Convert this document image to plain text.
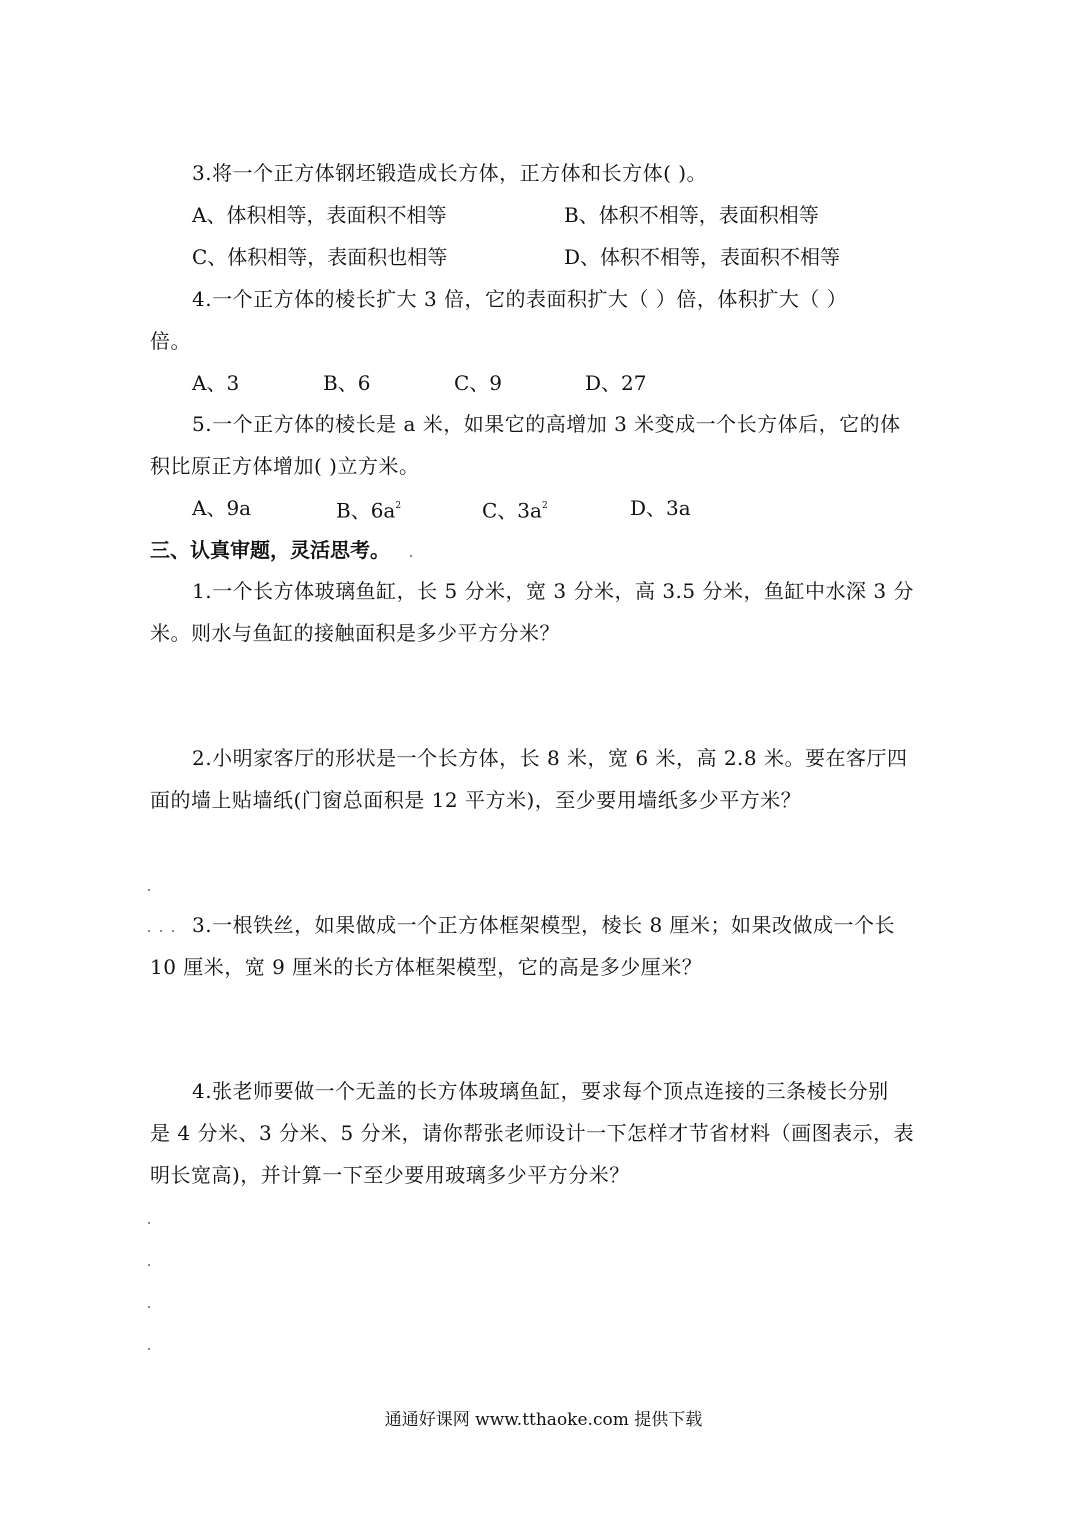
3.将一个正方体钢坯锻造成长方体，正方体和长方体( )。
A、体积相等，表面积不相等	B、体积不相等，表面积相等
C、体积相等，表面积也相等	D、体积不相等，表面积不相等
4.一个正方体的棱长扩大 3 倍，它的表面积扩大（ ）倍，体积扩大（ ）
倍。
A、3	B、6	C、9	D、27
5.一个正方体的棱长是 a 米，如果它的高增加 3 米变成一个长方体后，它的体
积比原正方体增加( )立方米。
A、9a	B、$6a^2$	C、$3a^2$	D、3a
三、认真审题，灵活思考。
1.一个长方体玻璃鱼缸，长 5 分米，宽 3 分米，高 3.5 分米，鱼缸中水深 3 分
米。则水与鱼缸的接触面积是多少平方分米？
2.小明家客厅的形状是一个长方体，长 8 米，宽 6 米，高 2.8 米。要在客厅四
面的墙上贴墙纸(门窗总面积是 12 平方米)，至少要用墙纸多少平方米？
3.一根铁丝，如果做成一个正方体框架模型，棱长 8 厘米；如果改做成一个长
10 厘米，宽 9 厘米的长方体框架模型，它的高是多少厘米？
4.张老师要做一个无盖的长方体玻璃鱼缸，要求每个顶点连接的三条棱长分别
是 4 分米、3 分米、5 分米，请你帮张老师设计一下怎样才节省材料（画图表示，表
明长宽高)，并计算一下至少要用玻璃多少平方分米？
通通好课网 www.tthaoke.com 提供下载
